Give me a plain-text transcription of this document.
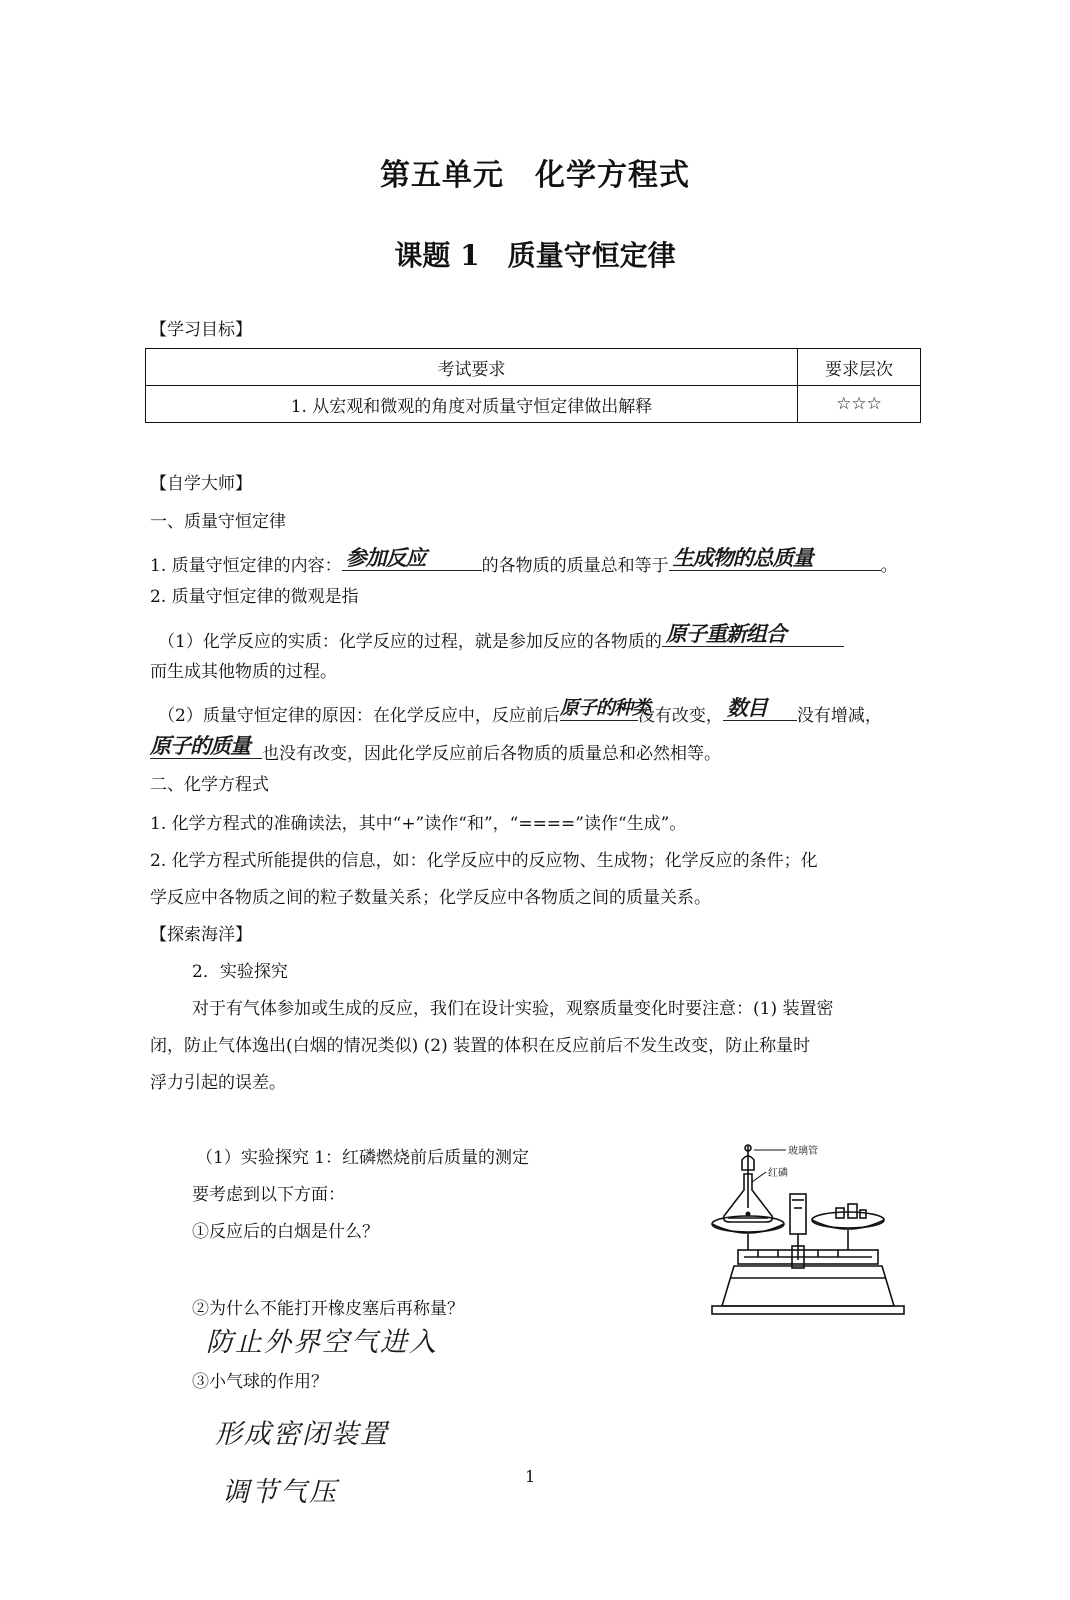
第五单元　化学方程式
课题 1　质量守恒定律
【学习目标】
考试要求	要求层次
1. 从宏观和微观的角度对质量守恒定律做出解释	☆☆☆
【自学大师】
一、质量守恒定律
1. 质量守恒定律的内容： 参加反应	的各物质的质量总和等于 生成物的总质量	。
2. 质量守恒定律的微观是指
（1）化学反应的实质：化学反应的过程，就是参加反应的各物质的 原子重新组合
而生成其他物质的过程。
（2）质量守恒定律的原因：在化学反应中，反应前后 原子的种类
没有改变， 数目 没有增减，
原子的质量 也没有改变，因此化学反应前后各物质的质量总和必然相等。
二、化学方程式
1. 化学方程式的准确读法，其中“+”读作“和”，“====”读作“生成”。
2. 化学方程式所能提供的信息，如：化学反应中的反应物、生成物；化学反应的条件；化
学反应中各物质之间的粒子数量关系；化学反应中各物质之间的质量关系。
【探索海洋】
2．实验探究
对于有气体参加或生成的反应，我们在设计实验，观察质量变化时要注意：(1) 装置密
闭，防止气体逸出(白烟的情况类似) (2) 装置的体积在反应前后不发生改变，防止称量时
浮力引起的误差。
（1）实验探究 1：红磷燃烧前后质量的测定
要考虑到以下方面：
①反应后的白烟是什么？
②为什么不能打开橡皮塞后再称量？
防止外界空气进入
③小气球的作用？
形成密闭装置
调节气压
玻璃管
红磷
1
